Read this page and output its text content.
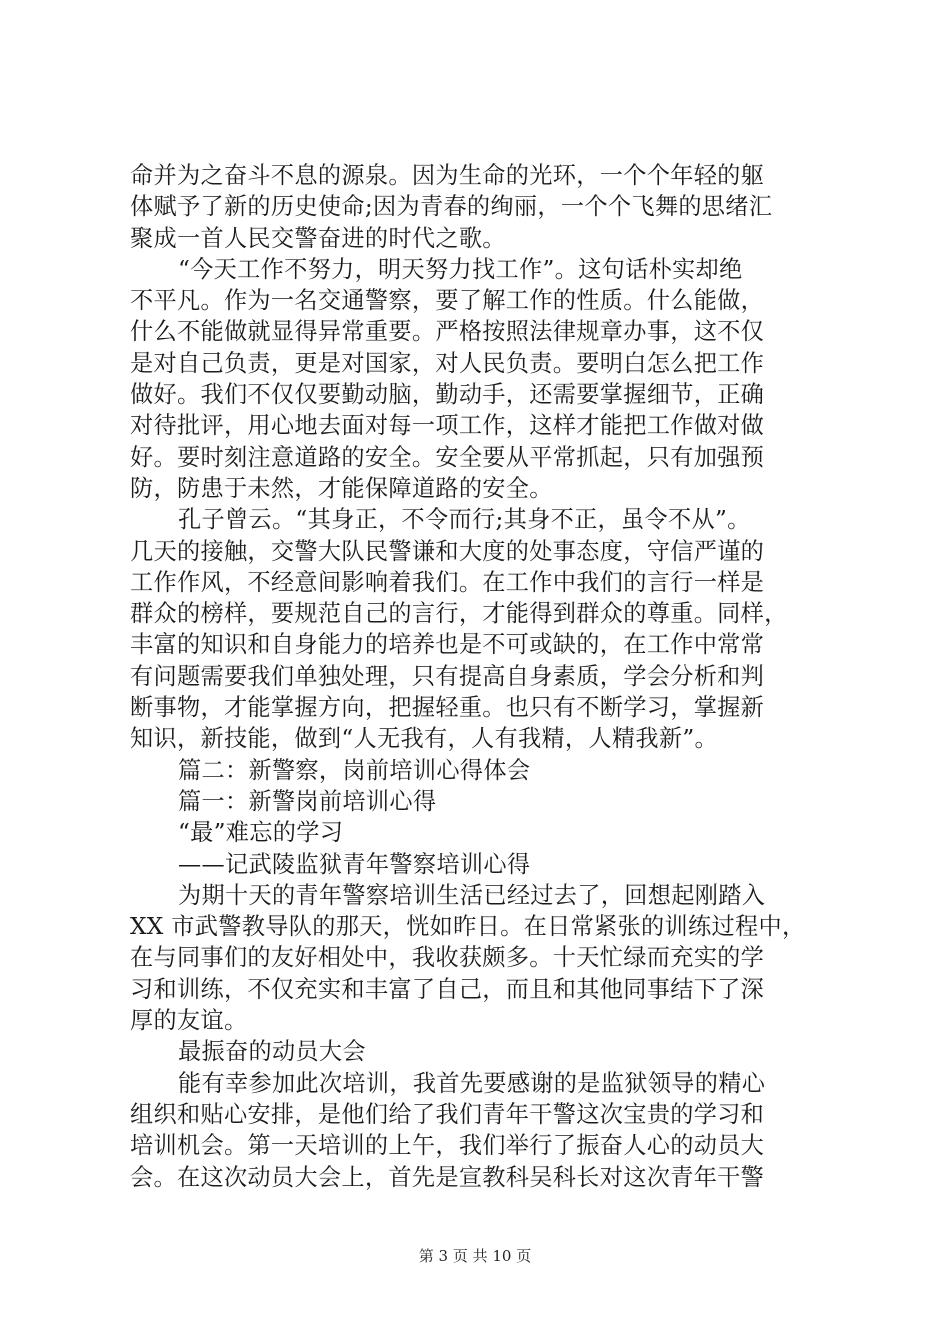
命并为之奋斗不息的源泉。因为生命的光环，一个个年轻的躯
体赋予了新的历史使命;因为青春的绚丽，一个个飞舞的思绪汇
聚成一首人民交警奋进的时代之歌。
“今天工作不努力，明天努力找工作”。这句话朴实却绝
不平凡。作为一名交通警察，要了解工作的性质。什么能做，
什么不能做就显得异常重要。严格按照法律规章办事，这不仅
是对自己负责，更是对国家，对人民负责。要明白怎么把工作
做好。我们不仅仅要勤动脑，勤动手，还需要掌握细节，正确
对待批评，用心地去面对每一项工作，这样才能把工作做对做
好。要时刻注意道路的安全。安全要从平常抓起，只有加强预
防，防患于未然，才能保障道路的安全。
孔子曾云。“其身正，不令而行;其身不正，虽令不从”。
几天的接触，交警大队民警谦和大度的处事态度，守信严谨的
工作作风，不经意间影响着我们。在工作中我们的言行一样是
群众的榜样，要规范自己的言行，才能得到群众的尊重。同样，
丰富的知识和自身能力的培养也是不可或缺的，在工作中常常
有问题需要我们单独处理，只有提高自身素质，学会分析和判
断事物，才能掌握方向，把握轻重。也只有不断学习，掌握新
知识，新技能，做到“人无我有，人有我精，人精我新”。
篇二：新警察，岗前培训心得体会
篇一：新警岗前培训心得
“最”难忘的学习
——记武陵监狱青年警察培训心得
为期十天的青年警察培训生活已经过去了，回想起刚踏入
XX 市武警教导队的那天，恍如昨日。在日常紧张的训练过程中，
在与同事们的友好相处中，我收获颇多。十天忙绿而充实的学
习和训练，不仅充实和丰富了自己，而且和其他同事结下了深
厚的友谊。
最振奋的动员大会
能有幸参加此次培训，我首先要感谢的是监狱领导的精心
组织和贴心安排，是他们给了我们青年干警这次宝贵的学习和
培训机会。第一天培训的上午，我们举行了振奋人心的动员大
会。在这次动员大会上，首先是宣教科吴科长对这次青年干警
第 3 页 共 10 页
